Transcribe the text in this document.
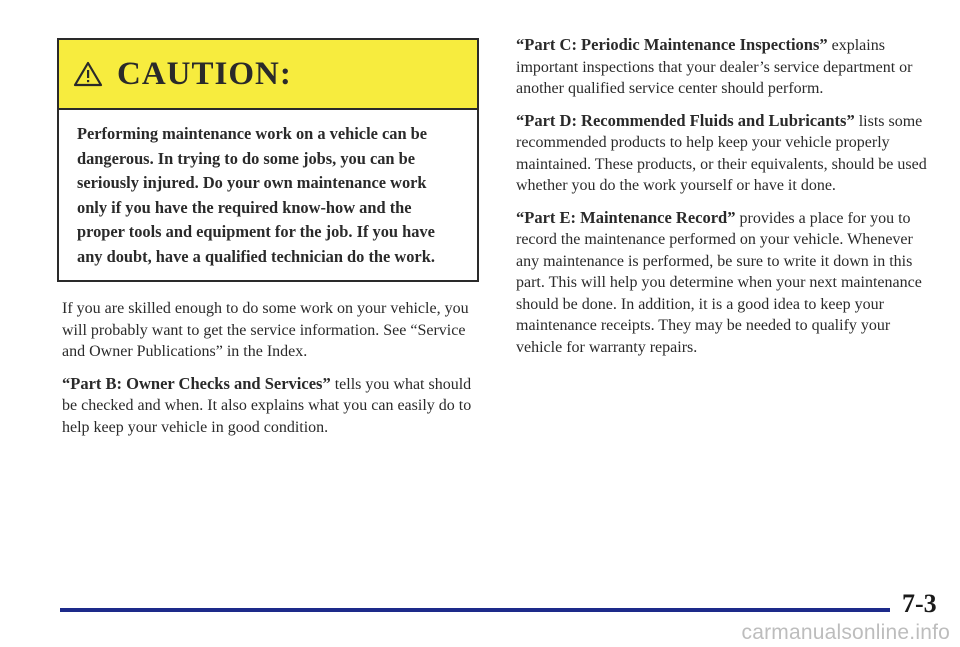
CAUTION:
Performing maintenance work on a vehicle can be dangerous. In trying to do some jobs, you can be seriously injured. Do your own maintenance work only if you have the required know-how and the proper tools and equipment for the job. If you have any doubt, have a qualified technician do the work.

If you are skilled enough to do some work on your vehicle, you will probably want to get the service information. See “Service and Owner Publications” in the Index.

“Part B: Owner Checks and Services” tells you what should be checked and when. It also explains what you can easily do to help keep your vehicle in good condition.

“Part C: Periodic Maintenance Inspections” explains important inspections that your dealer’s service department or another qualified service center should perform.

“Part D: Recommended Fluids and Lubricants” lists some recommended products to help keep your vehicle properly maintained. These products, or their equivalents, should be used whether you do the work yourself or have it done.

“Part E: Maintenance Record” provides a place for you to record the maintenance performed on your vehicle. Whenever any maintenance is performed, be sure to write it down in this part. This will help you determine when your next maintenance should be done. In addition, it is a good idea to keep your maintenance receipts. They may be needed to qualify your vehicle for warranty repairs.

7-3
carmanualsonline.info
